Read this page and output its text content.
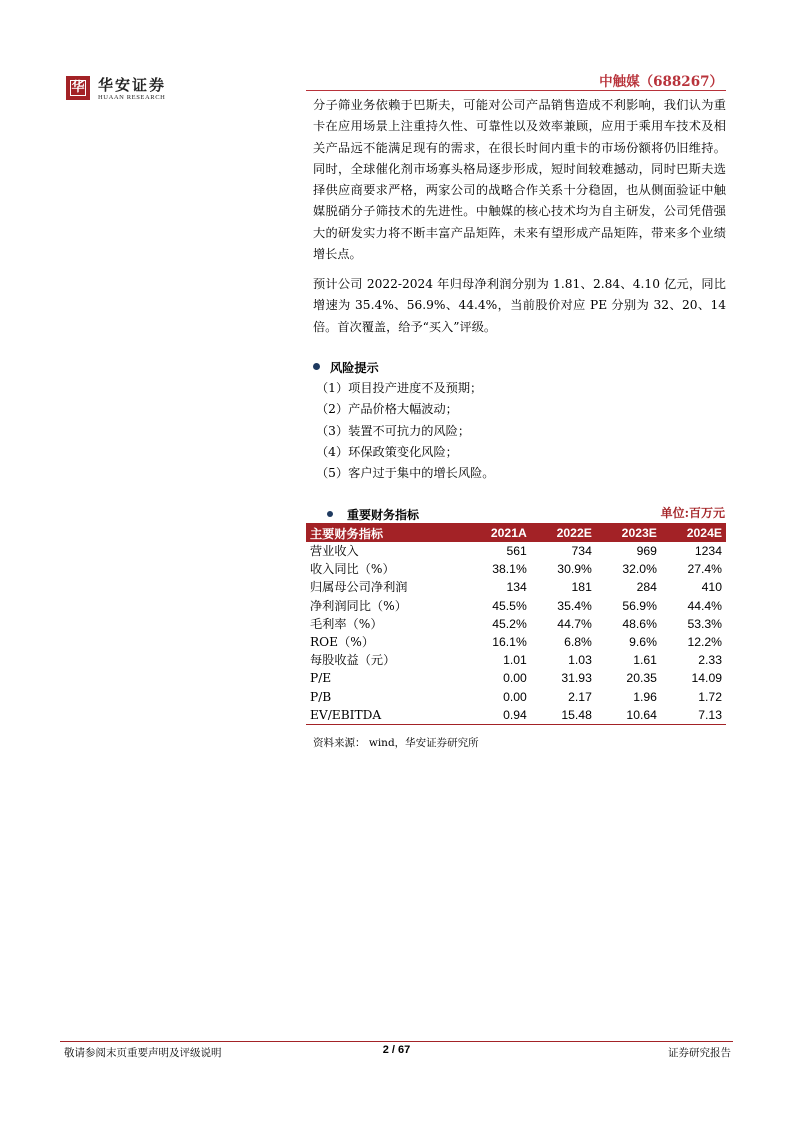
华 华安证券
HUAAN RESEARCH
中触媒（688267）
分子筛业务依赖于巴斯夫，可能对公司产品销售造成不利影响，我们认为重卡在应用场景上注重持久性、可靠性以及效率兼顾，应用于乘用车技术及相关产品远不能满足现有的需求，在很长时间内重卡的市场份额将仍旧维持。同时，全球催化剂市场寡头格局逐步形成，短时间较难撼动，同时巴斯夫选择供应商要求严格，两家公司的战略合作关系十分稳固，也从侧面验证中触媒脱硝分子筛技术的先进性。中触媒的核心技术均为自主研发，公司凭借强大的研发实力将不断丰富产品矩阵，未来有望形成产品矩阵，带来多个业绩增长点。
预计公司 2022-2024 年归母净利润分别为 1.81、2.84、4.10 亿元，同比增速为 35.4%、56.9%、44.4%，当前股价对应 PE 分别为 32、20、14 倍。首次覆盖，给予“买入”评级。
风险提示
（1）项目投产进度不及预期；
（2）产品价格大幅波动；
（3）装置不可抗力的风险；
（4）环保政策变化风险；
（5）客户过于集中的增长风险。
重要财务指标	单位:百万元
主要财务指标	2021A	2022E	2023E	2024E
营业收入	561	734	969	1234
收入同比（%）	38.1%	30.9%	32.0%	27.4%
归属母公司净利润	134	181	284	410
净利润同比（%）	45.5%	35.4%	56.9%	44.4%
毛利率（%）	45.2%	44.7%	48.6%	53.3%
ROE（%）	16.1%	6.8%	9.6%	12.2%
每股收益（元）	1.01	1.03	1.61	2.33
P/E	0.00	31.93	20.35	14.09
P/B	0.00	2.17	1.96	1.72
EV/EBITDA	0.94	15.48	10.64	7.13
资料来源： wind，华安证券研究所
敬请参阅末页重要声明及评级说明	2 / 67	证券研究报告
